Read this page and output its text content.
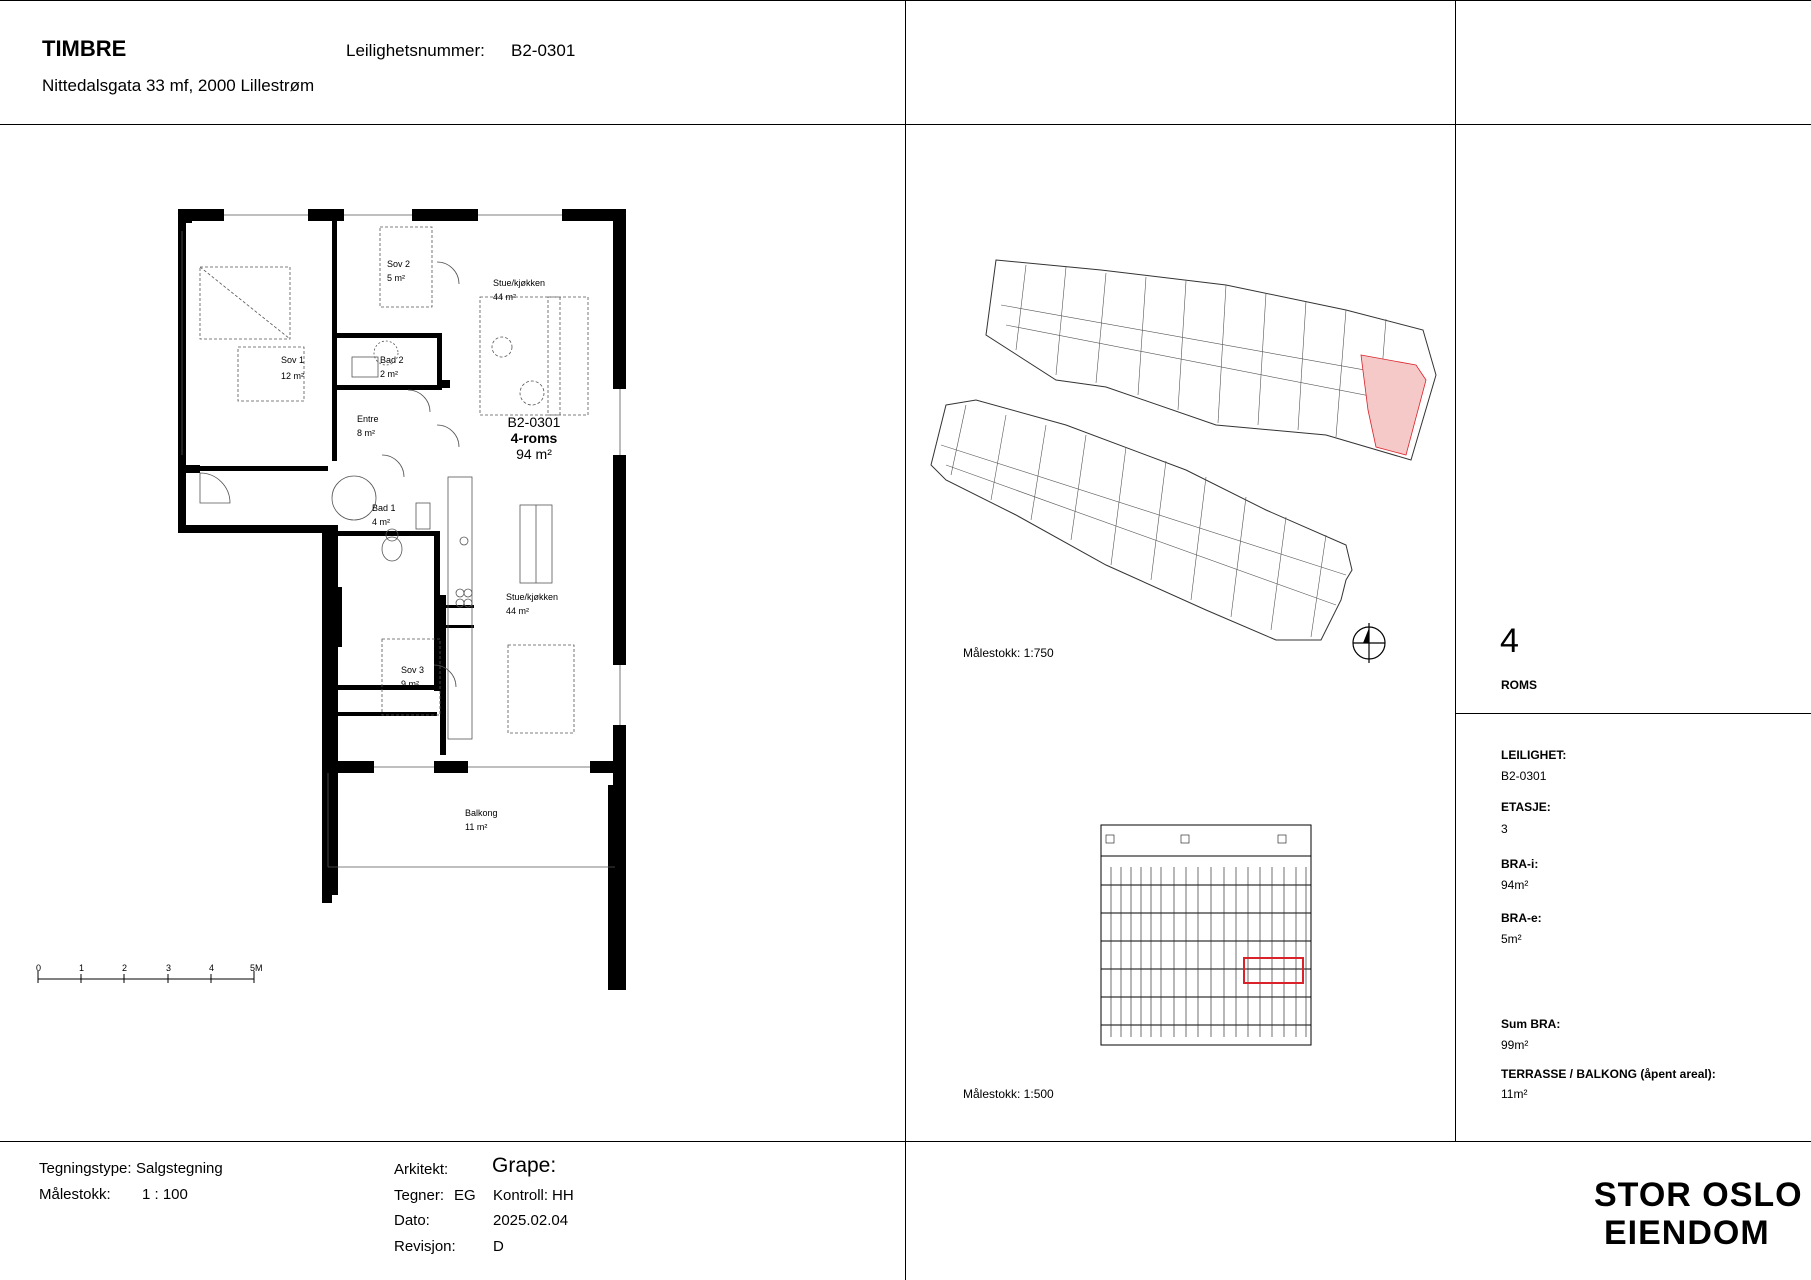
TIMBRE
Nittedalsgata 33 mf, 2000 Lillestrøm
Leilighetsnummer: B2-0301
Sov 1
12 m²
Sov 2
5 m²
Bad 2
2 m²
Entre
8 m²
Bad 1
4 m²
Sov 3
9 m²
Stue/kjøkken
44 m²
Stue/kjøkken
44 m²
Balkong
11 m²
B2-0301
4-roms
94 m²
0	1	2	3	4	5M
Målestokk: 1:750
Målestokk: 1:500
4
ROMS
LEILIGHET:
B2-0301
ETASJE:
3
BRA-i:
94m²
BRA-e:
5m²
Sum BRA:
99m²
TERRASSE / BALKONG (åpent areal):
11m²
Tegningstype: Salgstegning
Målestokk: 1 : 100
Arkitekt: Grape:
Tegner: EG Kontroll: HH
Dato:	2025.02.04
Revisjon: D
STOR OSLO
EIENDOM
